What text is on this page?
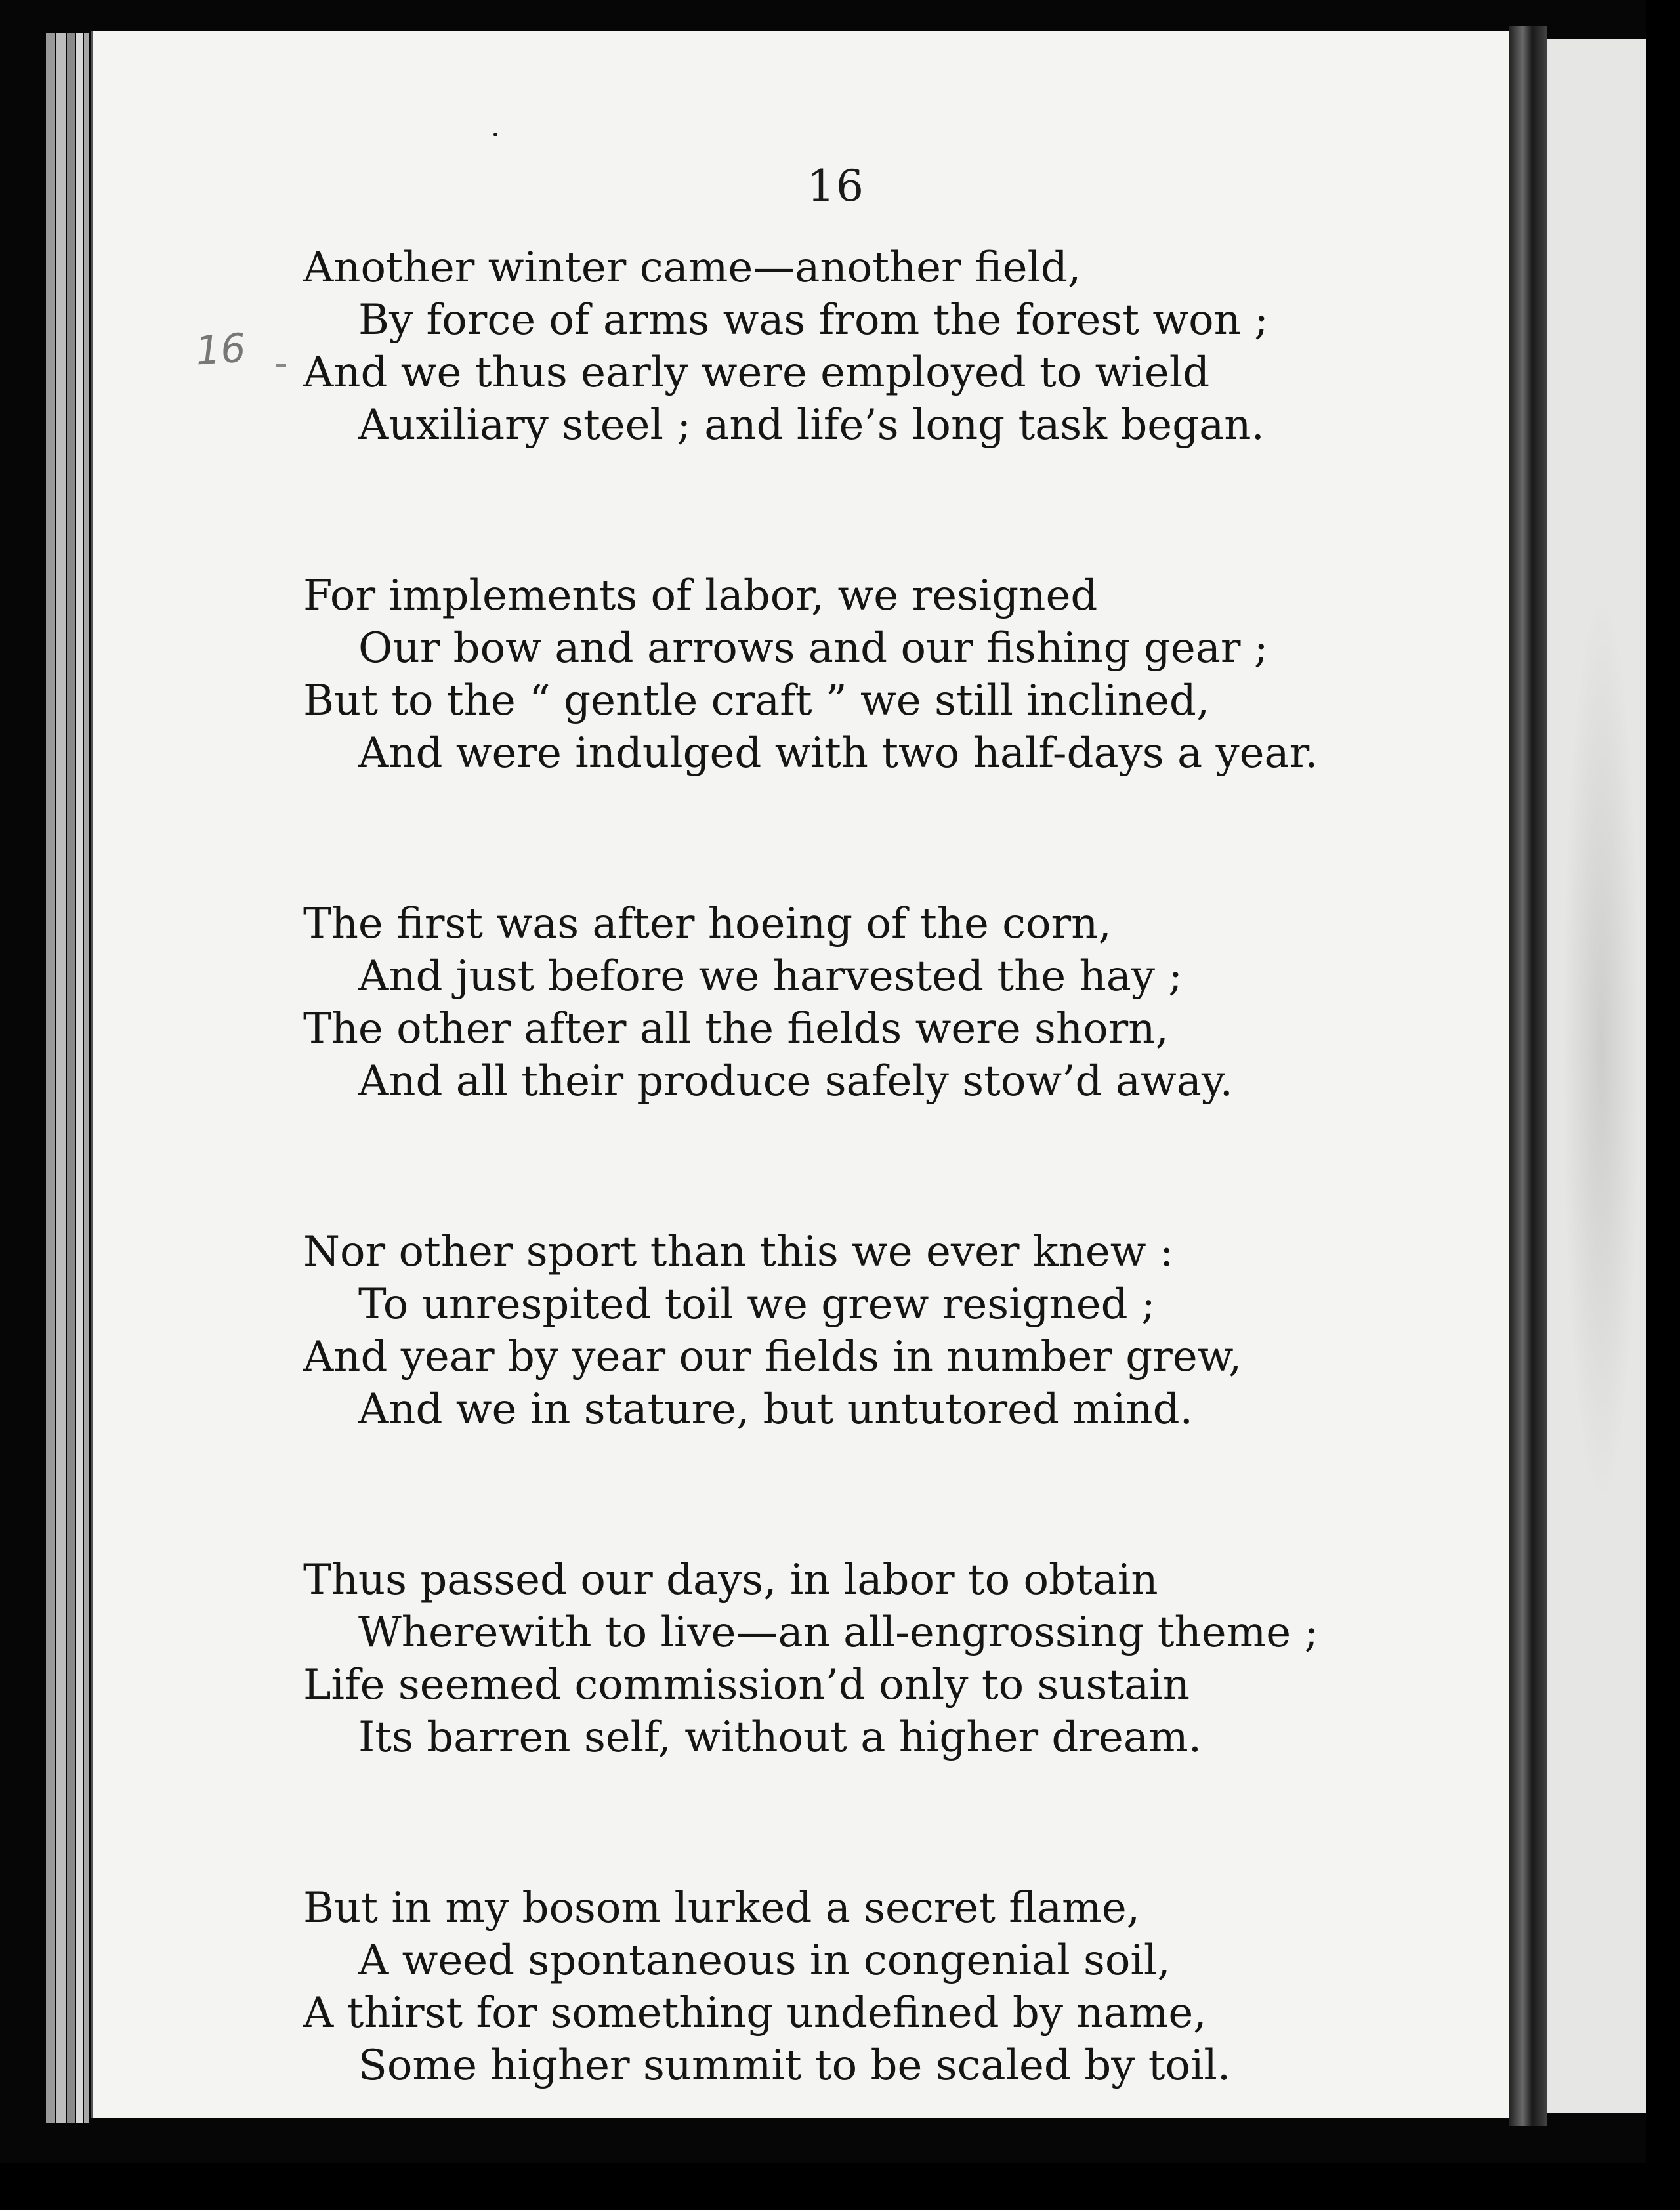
16
16
Another winter came—another field,
By force of arms was from the forest won ;
And we thus early were employed to wield
Auxiliary steel ; and life’s long task began.
For implements of labor, we resigned
Our bow and arrows and our fishing gear ;
But to the “ gentle craft ” we still inclined,
And were indulged with two half-days a year.
The first was after hoeing of the corn,
And just before we harvested the hay ;
The other after all the fields were shorn,
And all their produce safely stow’d away.
Nor other sport than this we ever knew :
To unrespited toil we grew resigned ;
And year by year our fields in number grew,
And we in stature, but untutored mind.
Thus passed our days, in labor to obtain
Wherewith to live—an all-engrossing theme ;
Life seemed commission’d only to sustain
Its barren self, without a higher dream.
But in my bosom lurked a secret flame,
A weed spontaneous in congenial soil,
A thirst for something undefined by name,
Some higher summit to be scaled by toil.
